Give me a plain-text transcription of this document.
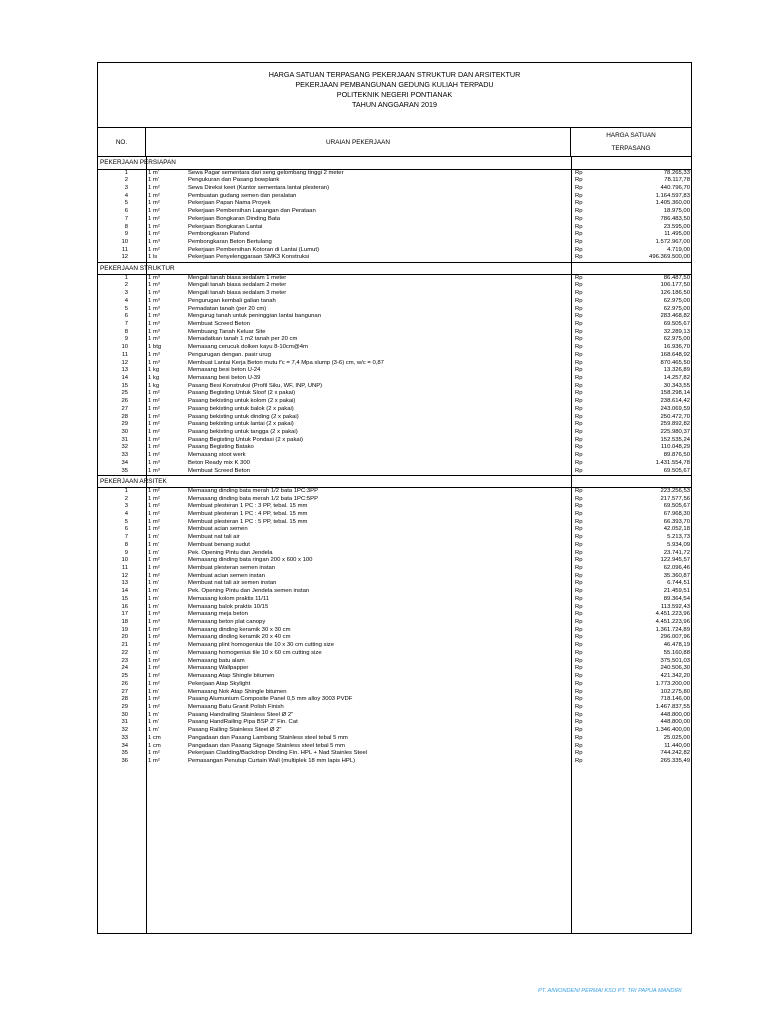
HARGA SATUAN TERPASANG PEKERJAAN STRUKTUR DAN ARSITEKTUR
PEKERJAAN PEMBANGUNAN GEDUNG KULIAH TERPADU
POLITEKNIK NEGERI PONTIANAK
TAHUN ANGGARAN 2019
NO.	URAIAN PEKERJAAN
HARGA SATUAN
TERPASANG
PEKERJAAN PERSIAPAN
1	1 m'	Sewa Pagar sementara dari seng gelombang tinggi 2 meter	Rp	78.265,33
2	1 m'	Pengukuran dan Pasang bowplank	Rp	78.117,78
3	1 m²	Sewa Direksi keet (Kantor sementara lantai plesteran)	Rp	440.796,70
4	1 m²	Pembuatan gudang semen dan peralatan	Rp	1.164.597,83
5	1 m²	Pekerjaan Papan Nama Proyek	Rp	1.405.360,00
6	1 m²	Pekerjaan Pembersihan Lapangan dan Perataan	Rp	18.975,00
7	1 m²	Pekerjaan Bongkaran Dinding Bata	Rp	786.483,50
8	1 m²	Pekerjaan Bongkaran Lantai	Rp	23.595,00
9	1 m²	Pembongkaran Plafond	Rp	11.495,00
10	1 m³	Pembongkaran Beton Bertulang	Rp	1.572.967,00
11	1 m²	Pekerjaan Pembersihan Kotoran di Lantai (Lumut)	Rp	4.719,00
12	1 ls	Pekerjaan Penyelenggaraan SMK3 Konstruksi	Rp	496.369.500,00
PEKERJAAN STRUKTUR
1	1 m³	Mengali tanah biasa sedalam 1 meter	Rp	86.487,50
2	1 m³	Mengali tanah biasa sedalam 2 meter	Rp	106.177,50
3	1 m³	Mengali tanah biasa sedalam 3 meter	Rp	126.186,50
4	1 m³	Pengurugan kembali galian tanah	Rp	62.975,00
5	1 m³	Pemadatan tanah (per 20 cm)	Rp	62.975,00
6	1 m³	Mengurug tanah untuk peninggian lantai bangunan	Rp	283.468,82
7	1 m³	Membuat Screed Beton	Rp	69.505,67
8	1 m³	Membuang Tanah Keluar Site	Rp	32.289,13
9	1 m³	Memadatkan tanah 1 m2 tanah per 20 cm	Rp	62.975,00
10	1 btg	Memasang cerucuk dolken kayu 8-10cm@4m	Rp	16.936,70
11	1 m³	Pengurugan dengan. pasir urug	Rp	168.648,92
12	1 m³	Membuat Lantai Kerja Beton mutu f'c = 7,4 Mpa slump (3-6) cm, w/c = 0,87	Rp	870.465,50
13	1 kg	Memasang besi beton U-24	Rp	13.326,89
14	1 kg	Memasang besi beton U-39	Rp	14.257,82
15	1 kg	Pasang Besi Konstruksi (Profil Siku, WF, INP, UNP)	Rp	30.343,55
25	1 m²	Pasang Begisting Untuk Sloof (2 x pakai)	Rp	158.298,14
26	1 m²	Pasang bekisting untuk kolom (2 x pakai)	Rp	238.614,42
27	1 m²	Pasang bekisting untuk balok (2 x pakai)	Rp	243.069,59
28	1 m²	Pasang bekisting untuk dinding (2 x pakai)	Rp	250.472,70
29	1 m²	Pasang bekisting untuk lantai (2 x pakai)	Rp	259.892,82
30	1 m²	Pasang bekisting untuk tangga (2 x pakai)	Rp	225.980,37
31	1 m²	Pasang Begisting Untuk Pondasi (2 x pakai)	Rp	152.535,24
32	1 m²	Pasang Begisting Batako	Rp	110.048,29
33	1 m²	Memasang stoot werk	Rp	89.876,50
34	1 m³	Beton Ready mix K 300	Rp	1.431.554,78
35	1 m³	Membuat Screed Beton	Rp	69.505,67
PEKERJAAN ARSITEK
1	1 m²	Memasang dinding bata merah 1/2 bata 1PC:3PP	Rp	223.256,53
2	1 m²	Memasang dinding bata merah 1/2 bata 1PC:5PP	Rp	217.577,56
3	1 m²	Membuat plesteran 1 PC : 3 PP, tebal. 15 mm	Rp	69.505,67
4	1 m²	Membuat plesteran 1 PC : 4 PP, tebal. 15 mm	Rp	67.968,30
5	1 m²	Membuat plesteran 1 PC : 5 PP, tebal. 15 mm	Rp	66.393,70
6	1 m²	Membuat acian semen	Rp	42.052,18
7	1 m'	Membuat nat tali air	Rp	5.213,73
8	1 m'	Membuat benang sudut	Rp	5.934,09
9	1 m'	Pek. Opening Pintu dan Jendela	Rp	23.741,72
10	1 m²	Memasang dinding bata ringan 200 x 600 x 100	Rp	122.945,57
11	1 m²	Membuat plesteran semen instan	Rp	62.096,46
12	1 m²	Membuat acian semen instan	Rp	35.360,87
13	1 m'	Membuat nat tali air semen instan	Rp	6.744,51
14	1 m'	Pek. Opening Pintu dan Jendela semen instan	Rp	21.459,51
15	1 m'	Memasang kolom praktis 11/11	Rp	89.364,54
16	1 m'	Memasang balok praktis 10/15	Rp	113.592,43
17	1 m³	Memasang meja beton	Rp	4.451.223,96
18	1 m³	Memasang beton plat canopy	Rp	4.451.223,96
19	1 m²	Memasang dinding keramik 30 x 30 cm	Rp	1.361.724,89
20	1 m²	Memasang dinding keramik 20 x 40 cm	Rp	296.007,96
21	1 m²	Memasang plint homogenius tile 10 x 30 cm cutting size	Rp	46.478,19
22	1 m'	Memasang homogenius tile 10 x 60 cm cutting size	Rp	55.160,88
23	1 m²	Memasang batu alam	Rp	375.501,03
24	1 m²	Memasang Wallpapper	Rp	240.506,30
25	1 m²	Memasang Atap Shingle bitumen	Rp	421.342,20
26	1 m²	Pekerjaan Atap Skylight	Rp	1.773.200,00
27	1 m'	Memasang Nok Atap Shingle bitumen	Rp	102.275,80
28	1 m²	Pasang Alumunium Composite Panel 0,5 mm alloy 3003 PVDF	Rp	718.146,00
29	1 m²	Memasang Batu Granit Polish Finish	Rp	1.467.837,55
30	1 m'	Pasang Handrailing Stainless Steel Ø 2"	Rp	448.800,00
31	1 m'	Pasang HandRailing Pipa BSP 2" Fin. Cat	Rp	448.800,00
32	1 m'	Pasang Railing Stainless Steel Ø 2"	Rp	1.346.400,00
33	1 cm	Pangadaan dan Pasang Lambang Stainless steel tebal 5 mm	Rp	25.025,00
34	1 cm	Pangadaan dan Pasang Signage Stainless steel tebal 5 mm	Rp	11.440,00
35	1 m²	Pekerjaan Cladding/Backdrop Dinding Fin. HPL + Nad Stainles Steel	Rp	744.242,82
36	1 m²	Pemasangan Penutup Curtain Wall (multiplek 18 mm lapis HPL)	Rp	265.335,49
PT. AIWONDENI PERMAI KSO PT. TRI PAPUA MANDIRI
